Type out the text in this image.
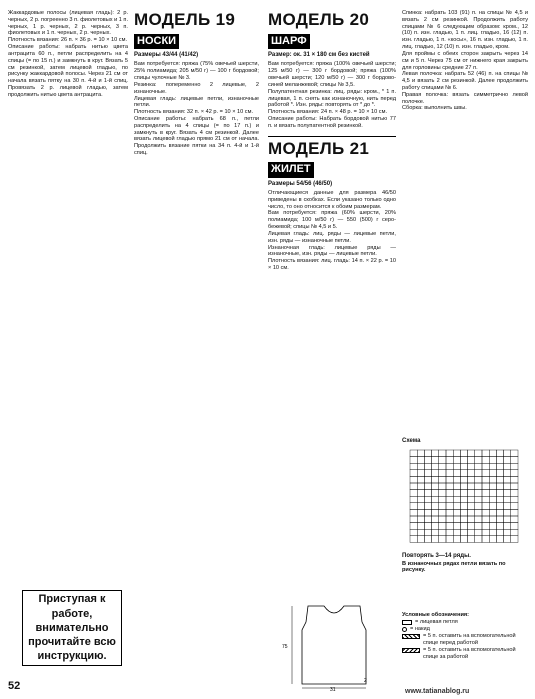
Жаккардовые полосы (лицевая гладь): 2 р. черных, 2 р. погреенно 3 п. фиолетовых и 1 п. черных, 1 р. черных, 2 р. черных, 3 п. фиолетовых и 1 п. черных, 2 р. черных.
Плотность вязания: 26 п. × 36 р. = 10 × 10 см.
Описание работы: набрать нитью цвета антрацита 60 п., петли распределить на 4 спицы (= по 15 п.) и замкнуть в круг. Вязать 5 см резинкой, затем лицевой гладью, по рисунку жаккардовой полосы. Через 21 см от начала вязать пятку на 30 п. 4-й и 1-й спиц. Провязать 2 р. лицевой гладью, затем продолжить нитью цвета антрацита.
Приступая к работе, внимательно прочитайте всю инструкцию.
52
МОДЕЛЬ 19
НОСКИ
Размеры 43/44 (41/42)
Вам потребуется: пряжа (75% овечьей шерсти, 25% полиамида; 205 м/50 г) — 100 г бордовой; спицы чулочные № 3.
Резинка: попеременно 2 лицевые, 2 изнаночные.
Лицевая гладь: лицевые петли, изнаночные петли.
Плотность вязания: 32 п. × 42 р. = 10 × 10 см.
Описание работы: набрать 68 п., петли распределить на 4 спицы (= по 17 п.) и замкнуть в круг. Вязать 4 см резинкой. Далее вязать лицевой гладью прямо 21 см от начала. Продолжить вязание пятки на 34 п. 4-й и 1-й спиц.
МОДЕЛЬ 20
ШАРФ
Размер: ок. 31 × 180 см без кистей
Вам потребуется: пряжа (100% овечьей шерсти; 125 м/50 г) — 300 г бордовой; пряжа (100% овечьей шерсти; 120 м/50 г) — 300 г бордово-синей меланжевой; спицы № 3,5.
Полупатентная резинка: лиц. ряды: кром., * 1 п. лицевая, 1 п. снять как изнаночную, нить перед работой *. Изн. ряды: повторять от * до *.
Плотность вязания: 24 п. × 48 р. = 10 × 10 см.
Описание работы: Набрать бордовой нитью 77 п. и вязать полупатентной резинкой.
МОДЕЛЬ 21
ЖИЛЕТ
Размеры 54/56 (46/50)
Отличающиеся данные для размера 46/50 приведены в скобках. Если указано только одно число, то оно относится к обоим размерам.
Вам потребуется: пряжа (60% шерсти, 20% полиамида; 100 м/50 г) — 550 (500) г серо-бежевой; спицы № 4,5 и 5.
Лицевая гладь: лиц. ряды — лицевые петли, изн. ряды — изнаночные петли.
Изнаночная гладь: лицевые ряды — изнаночные, изн. ряды — лицевые петли.
Плотность вязания: лиц. гладь: 14 п. × 22 р. = 10 × 10 см.
31
2
75
Спинка: набрать 103 (91) п. на спицы № 4,5 и вязать 2 см резинкой. Продолжить работу спицами № 6 следующим образом: кром., 12 (10) п. изн. гладью, 1 п. лиц. гладью, 16 (12) п. изн. гладью, 1 п. «косы», 16 п. изн. гладью, 1 п. лиц. гладью, 12 (10) п. изн. гладью, кром.
Для проймы с обеих сторон закрыть через 14 см и 5 п. Через 75 см от нижнего края закрыть для горловины средние 27 п.
Левая полочка: набрать 52 (46) п. на спицы № 4,5 и вязать 2 см резинкой. Далее продолжить работу спицами № 6.
Правая полочка: вязать симметрично левой полочке.
Сборка: выполнить швы.
Схема
Повторять 3—14 ряды.
В изнаночных рядах петли вязать по рисунку.
Условные обозначения:
= лицевая петля
= накид
= 5 п. оставить на вспомогательной спице перед работой
= 5 п. оставить на вспомогательной спице за работой
www.tatianablog.ru
